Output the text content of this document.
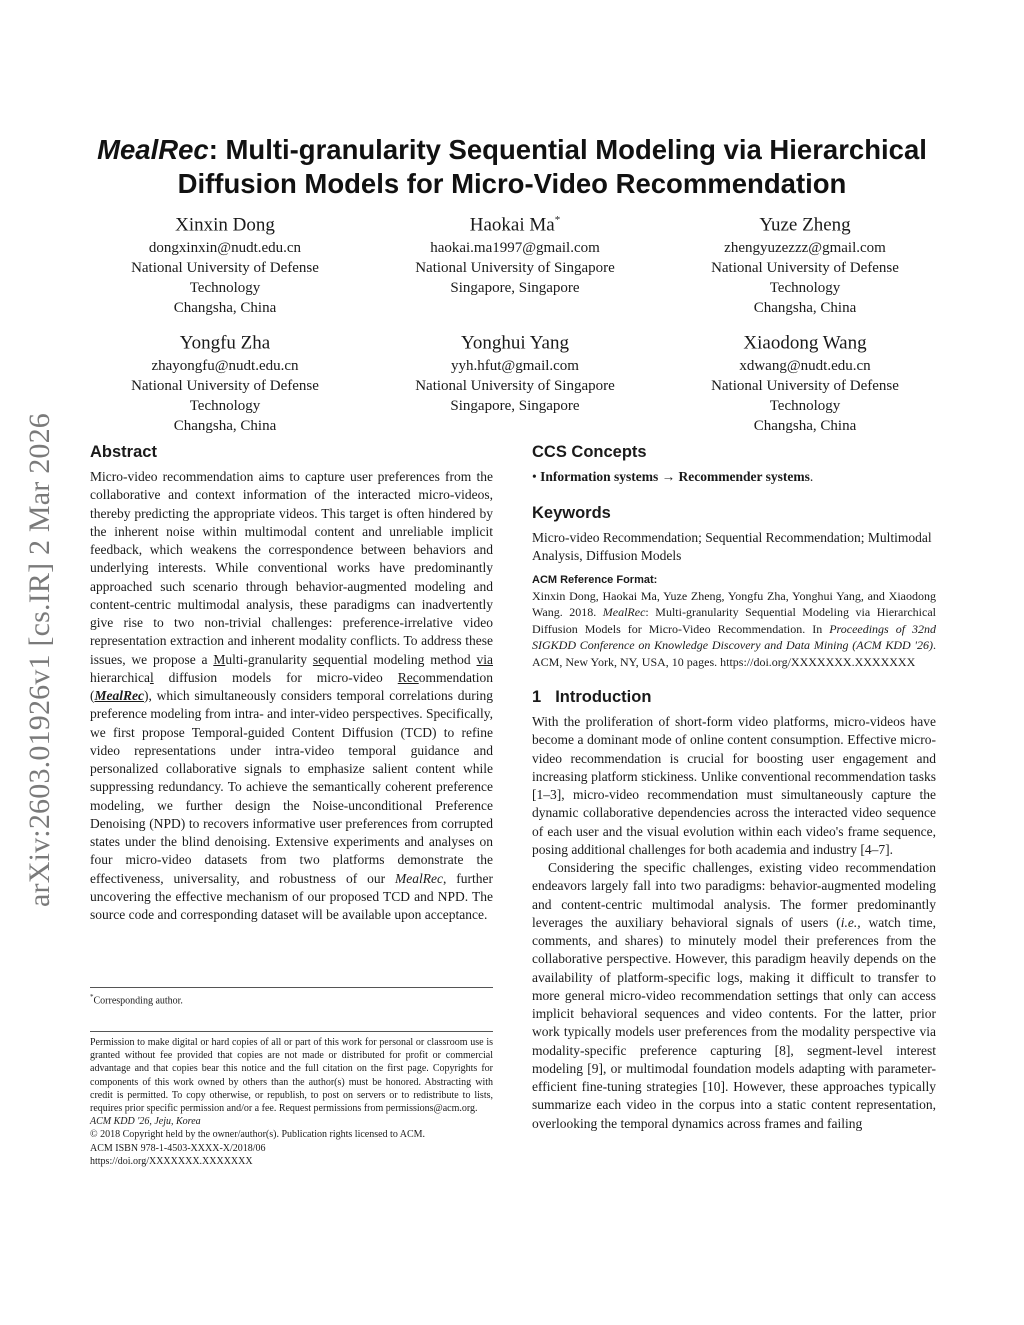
arXiv:2603.01926v1 [cs.IR] 2 Mar 2026
MealRec: Multi-granularity Sequential Modeling via Hierarchical
Diffusion Models for Micro-Video Recommendation
Xinxin Dong
dongxinxin@nudt.edu.cn
National University of Defense
Technology
Changsha, China
Haokai Ma*
haokai.ma1997@gmail.com
National University of Singapore
Singapore, Singapore
Yuze Zheng
zhengyuzezzz@gmail.com
National University of Defense
Technology
Changsha, China
Yongfu Zha
zhayongfu@nudt.edu.cn
National University of Defense
Technology
Changsha, China
Yonghui Yang
yyh.hfut@gmail.com
National University of Singapore
Singapore, Singapore
Xiaodong Wang
xdwang@nudt.edu.cn
National University of Defense
Technology
Changsha, China
Abstract

Micro-video recommendation aims to capture user preferences from the collaborative and context information of the interacted micro-videos, thereby predicting the appropriate videos. This target is often hindered by the inherent noise within multimodal content and unreliable implicit feedback, which weakens the correspondence between behaviors and underlying interests. While conventional works have predominantly approached such scenario through behavior-augmented modeling and content-centric multimodal analysis, these paradigms can inadvertently give rise to two non-trivial challenges: preference-irrelative video representation extraction and inherent modality conflicts. To address these issues, we propose a Multi-granularity sequential modeling method via hierarchical diffusion models for micro-video Recommendation (MealRec), which simultaneously considers temporal correlations during preference modeling from intra- and inter-video perspectives. Specifically, we first propose Temporal-guided Content Diffusion (TCD) to refine video representations under intra-video temporal guidance and personalized collaborative signals to emphasize salient content while suppressing redundancy. To achieve the semantically coherent preference modeling, we further design the Noise-unconditional Preference Denoising (NPD) to recovers informative user preferences from corrupted states under the blind denoising. Extensive experiments and analyses on four micro-video datasets from two platforms demonstrate the effectiveness, universality, and robustness of our MealRec, further uncovering the effective mechanism of our proposed TCD and NPD. The source code and corresponding dataset will be available upon acceptance.

*Corresponding author.

Permission to make digital or hard copies of all or part of this work for personal or classroom use is granted without fee provided that copies are not made or distributed for profit or commercial advantage and that copies bear this notice and the full citation on the first page. Copyrights for components of this work owned by others than the author(s) must be honored. Abstracting with credit is permitted. To copy otherwise, or republish, to post on servers or to redistribute to lists, requires prior specific permission and/or a fee. Request permissions from permissions@acm.org.

ACM KDD '26, Jeju, Korea

© 2018 Copyright held by the owner/author(s). Publication rights licensed to ACM.

ACM ISBN 978-1-4503-XXXX-X/2018/06

https://doi.org/XXXXXXX.XXXXXXX

CCS Concepts

• Information systems → Recommender systems.

Keywords

Micro-video Recommendation; Sequential Recommendation; Multimodal Analysis, Diffusion Models

ACM Reference Format:

Xinxin Dong, Haokai Ma, Yuze Zheng, Yongfu Zha, Yonghui Yang, and Xiaodong Wang. 2018. MealRec: Multi-granularity Sequential Modeling via Hierarchical Diffusion Models for Micro-Video Recommendation. In Proceedings of 32nd SIGKDD Conference on Knowledge Discovery and Data Mining (ACM KDD '26). ACM, New York, NY, USA, 10 pages. https://doi.org/XXXXXXX.XXXXXXX

1 Introduction

With the proliferation of short-form video platforms, micro-videos have become a dominant mode of online content consumption. Effective micro-video recommendation is crucial for boosting user engagement and increasing platform stickiness. Unlike conventional recommendation tasks [1–3], micro-video recommendation must simultaneously capture the dynamic collaborative dependencies across the interacted video sequence of each user and the visual evolution within each video's frame sequence, posing additional challenges for both academia and industry [4–7].

Considering the specific challenges, existing video recommendation endeavors largely fall into two paradigms: behavior-augmented modeling and content-centric multimodal analysis. The former predominantly leverages the auxiliary behavioral signals of users (i.e., watch time, comments, and shares) to minutely model their preferences from the collaborative perspective. However, this paradigm heavily depends on the availability of platform-specific logs, making it difficult to transfer to more general micro-video recommendation settings that only can access implicit behavioral sequences and video contents. For the latter, prior work typically models user preferences from the modality perspective via modality-specific preference capturing [8], segment-level interest modeling [9], or multimodal foundation models adapting with parameter-efficient fine-tuning strategies [10]. However, these approaches typically summarize each video in the corpus into a static content representation, overlooking the temporal dynamics across frames and failing
